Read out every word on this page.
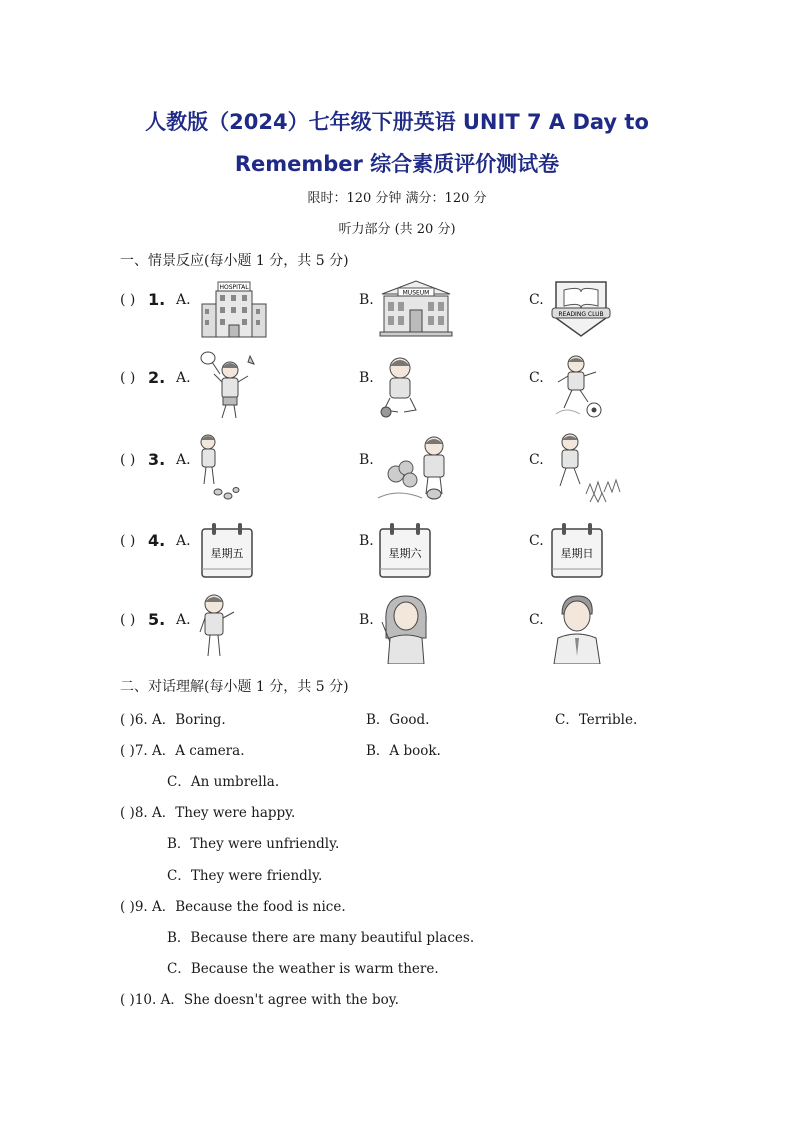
人教版（2024）七年级下册英语 UNIT 7 A Day to
Remember 综合素质评价测试卷
限时：120 分钟 满分：120 分
听力部分 (共 20 分)
一、情景反应(每小题 1 分，共 5 分)
( ) 1. A.
HOSPITAL
B.	MUSEUM	C.
READING CLUB
( ) 2. A.	B.	C.
( ) 3. A.	B.	C.
( ) 4. A.
星期五
B.
星期六
C.
星期日
( ) 5. A.	B.	C.
二、对话理解(每小题 1 分，共 5 分)
( )6. A．Boring.	B．Good.	C．Terrible.
( )7. A．A camera.	B．A book.
C．An umbrella.
( )8. A．They were happy.
B．They were unfriendly.
C．They were friendly.
( )9. A．Because the food is nice.
B．Because there are many beautiful places.
C．Because the weather is warm there.
( )10. A．She doesn't agree with the boy.
